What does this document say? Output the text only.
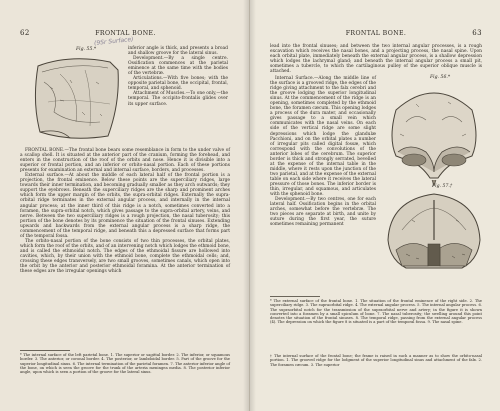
62	FRONTAL BONE.
(9Sr Surface)
Fig. 55.*	inferior angle is thick, and presents a broad and shallow groove for the lateral sinus.

Development.—By a single centre. Ossification commences at the parietal eminence at the same time with the bodies of the vertebræ.

Articulations.—With five bones; with the opposite parietal bone, the occipital, frontal, temporal, and sphenoid.

Attachment of Muscles.—To one only,—the temporal. The occipito-frontalis glides over its upper surface.

FRONTAL BONE.—The frontal bone bears some resemblance in form to the under valve of a scallop shell. It is situated at the anterior part of the cranium, forming the forehead, and enters in the construction of the roof of the orbits and nose. Hence it is divisible into a superior or frontal portion, and an inferior or orbito-nasal portion. Each of these portions presents for examination an external and internal surface, borders, and processes.

External surface.—At about the middle of each lateral half of the frontal portion is a projection, the frontal eminence. Below these points are the superciliary ridges, large towards their inner termination, and becoming gradually smaller as they arch outwards; they support the eyebrows. Beneath the superciliary ridges are the sharp and prominent arches which form the upper margin of the orbits, the supra-orbital ridges. Externally the supra-orbital ridge terminates in the external angular process, and internally in the internal angular process; at the inner third of this ridge is a notch, sometimes converted into a foramen, the supra-orbital notch, which gives passage to the supra-orbital artery, veins, and nerve. Between the two superciliary ridges is a rough projection, the nasal tuberosity; this portion of the bone denotes by its prominence the situation of the frontal sinuses. Extending upwards and backwards from the external angular process is a sharp ridge, the commencement of the temporal ridge, and beneath this a depressed surface that forms part of the temporal fossa.

The orbito-nasal portion of the bone consists of two thin processes, the orbital plates, which form the roof of the orbits, and of an intervening notch which lodges the ethmoid bone, and is called the ethmoidal notch. The edges of the ethmoidal fissure are hollowed into cavities, which, by their union with the ethmoid bone, complete the ethmoidal cells; and, crossing these edges transversely, are two small grooves, sometimes canals, which open into the orbit by the anterior and posterior ethmoidal foramina. At the anterior termination of these edges are the irregular openings which

* The internal surface of the left parietal bone. 1. The superior or sagittal border. 2. The inferior, or squamous border. 3. The anterior, or coronal border. 4. The posterior, or lambdoidal border. 5. Part of the groove for the superior longitudinal sinus. 6. The internal termination of the parietal foramen. 7. The anterior inferior angle of the bone, on which is seen the groove for the trunk of the arteria meningea media. 8. The posterior inferior angle, upon which is seen a portion of the groove for the lateral sinus.
FRONTAL BONE.	63

lead into the frontal sinuses; and between the two internal angular processes, is a rough excavation which receives the nasal bones, and a projecting process, the nasal spine. Upon each orbital plate, immediately beneath the external angular process, is a shallow depression which lodges the lachrymal gland; and beneath the internal angular process a small pit, sometimes a tubercle, to which the cartilaginous pulley of the superior oblique muscle is attached.

Internal Surface.—Along the middle line of the surface is a grooved ridge, the edges of the ridge giving attachment to the falx cerebri and the groove lodging the superior longitudinal sinus. At the commencement of the ridge is an opening, sometimes completed by the ethmoid bone, the foramen cæcum. This opening lodges a process of the dura mater, and occasionally gives passage to a small vein which communicates with the nasal veins. On each side of the vertical ridge are some slight depressions which lodge the glandulæ Pacchioni, and on the orbital plates a number of irregular pits called digital fossæ, which correspond with the convolutions of the anterior lobes of the cerebrum. The superior border is thick and strongly serrated, bevelled at the expense of the internal table in the middle, where it rests upon the junction of the two parietal, and at the expense of the external table on each side where it receives the lateral pressure of those bones. The inferior border is thin, irregular, and squamous, and articulates with the sphenoid bone.

Development.—By two centres, one for each lateral half. Ossification begins in the orbital arches, somewhat before the vertebræ. The two pieces are separate at birth, and unite by suture during the first year, the suture sometimes remaining permanent

Fig. 56.*
Fig. 57.†
* The external surface of the frontal bone. 1. The situation of the frontal eminence of the right side. 2. The superciliary ridge. 3. The supraorbital ridge. 4. The external angular process. 5. The internal angular process. 6. The supraorbital notch for the transmission of the supraorbital nerve and artery; in the figure it is shown converted into a foramen by a small spiculum of bone. 7. The nasal tuberosity; the swelling around this point denotes the situation of the frontal sinuses. 8. The temporal ridge, passing from the external angular process (4). The depression on which the figure 8 is situated is a part of the temporal fossa. 9. The nasal spine.
† The internal surface of the frontal bone; the frame is raised in such a manner as to show the orbito-nasal portion. 1. The grooved ridge for the lodgment of the superior longitudinal sinus and attachment of the falx. 2. The foramen cæcum. 3. The superior
